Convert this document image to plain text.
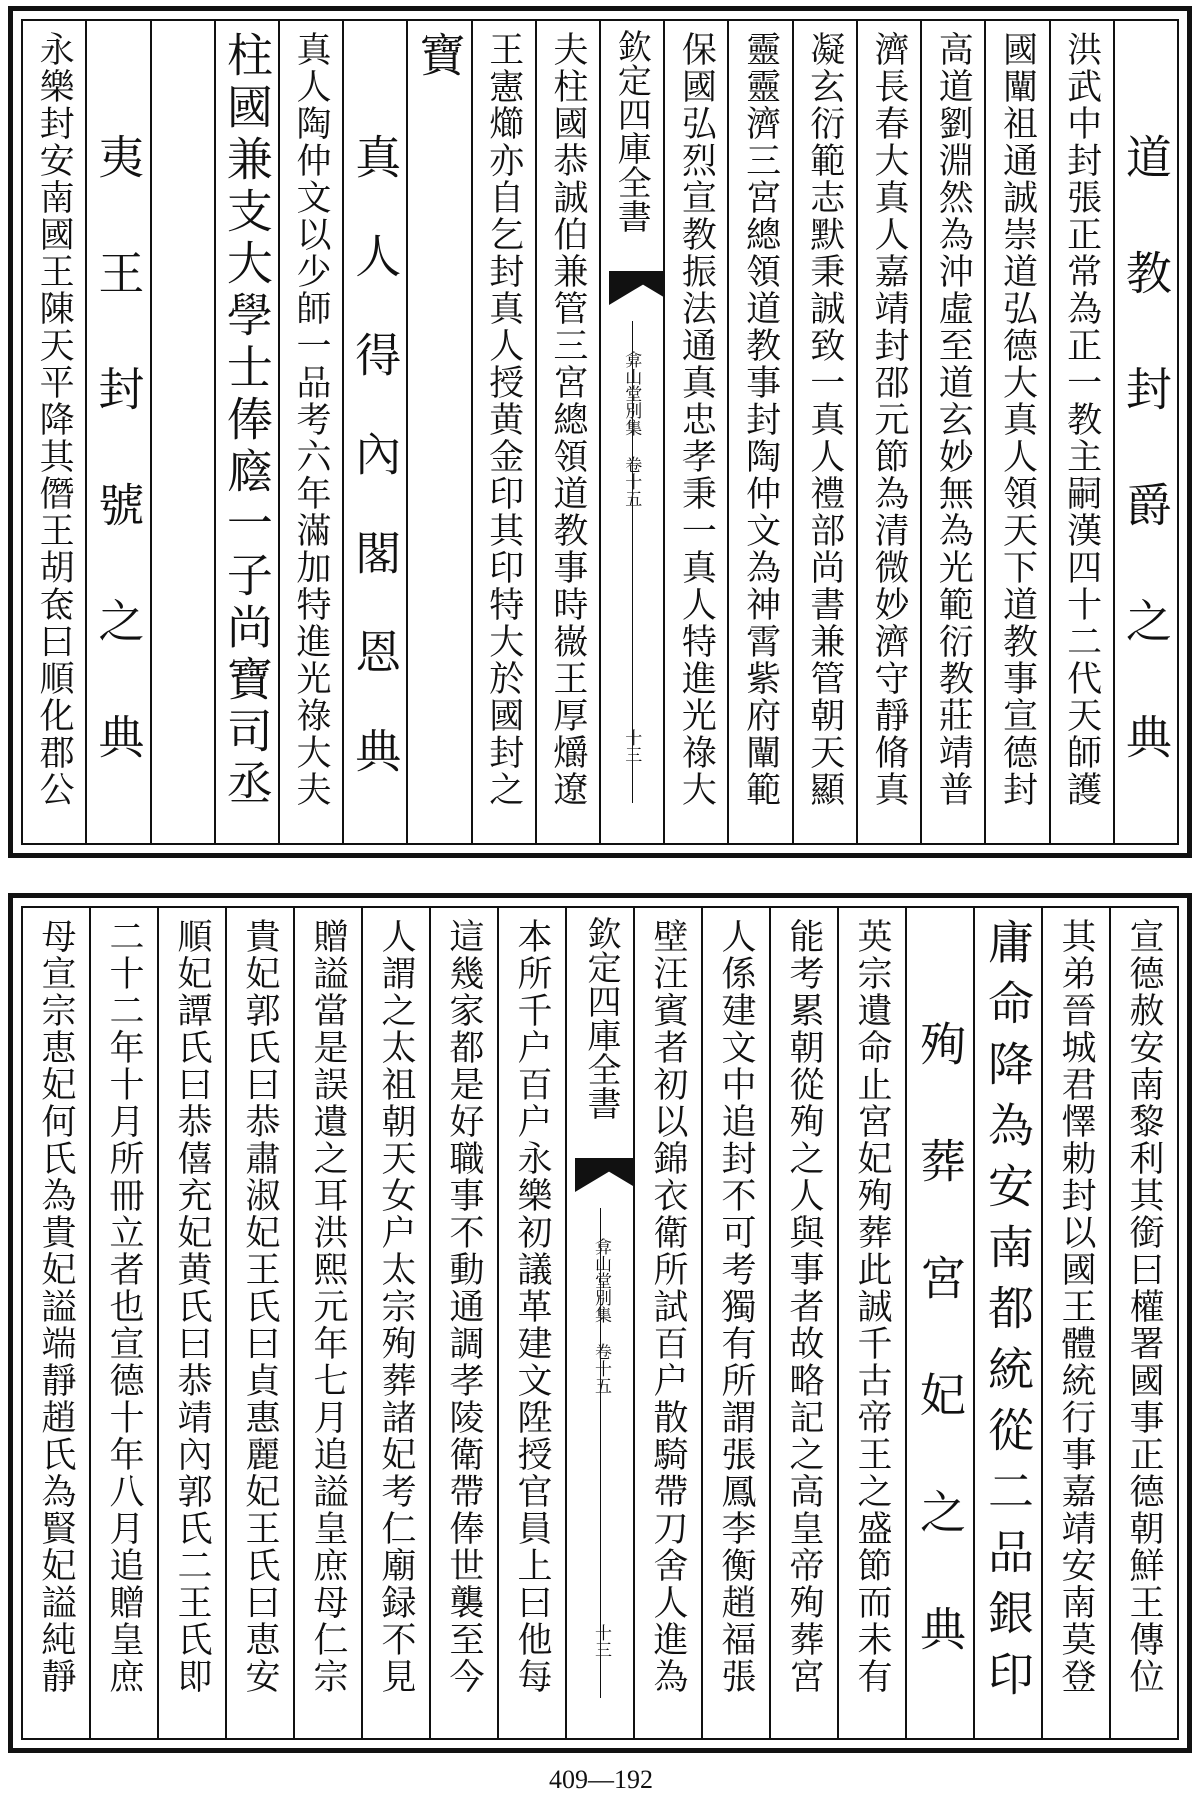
道教封爵之典
洪武中封張正常為正一教主嗣漢四十二代天師護
國闡祖通誠崇道弘德大真人領天下道教事宣德封
高道劉淵然為沖虛至道玄妙無為光範衍教莊靖普
濟長春大真人嘉靖封邵元節為清微妙濟守靜脩真
凝玄衍範志默秉誠致一真人禮部尚書兼管朝天顯
靈靈濟三宮總領道教事封陶仲文為神霄紫府闡範
保國弘烈宣教振法通真忠孝秉一真人特進光祿大
欽定四庫全書
弇山堂別集 卷十五
十三
夫柱國恭誠伯兼管三宮總領道教事時嶶王厚爝遼
王憲㸅亦自乞封真人授黄金印其印特大於國封之
寶
真人得內閣恩典
真人陶仲文以少師一品考六年滿加特進光祿大夫
柱國兼支大學士俸廕一子尚寶司丞
夷王封號之典
永樂封安南國王陳天平降其僭王胡奃曰順化郡公
宣德赦安南黎利其銜曰權署國事正德朝鮮王傳位
其弟晉城君懌勅封以國王體統行事嘉靖安南莫登
庸命降為安南都統從二品銀印
殉葬宮妃之典
英宗遺命止宮妃殉葬此誠千古帝王之盛節而未有
能考累朝從殉之人與事者故略記之高皇帝殉葬宮
人係建文中追封不可考獨有所謂張鳳李衡趙福張
壁汪賓者初以錦衣衛所試百户散騎帶刀舍人進為
欽定四庫全書
弇山堂別集 卷十五
十三
本所千户百户永樂初議革建文陞授官員上曰他每
這幾家都是好職事不動通調孝陵衛帶俸世襲至今
人謂之太祖朝天女户太宗殉葬諸妃考仁廟録不見
贈謚當是誤遺之耳洪熙元年七月追謚皇庶母仁宗
貴妃郭氏曰恭肅淑妃王氏曰貞惠麗妃王氏曰恵安
順妃譚氏曰恭僖充妃黄氏曰恭靖內郭氏二王氏即
二十二年十月所冊立者也宣德十年八月追贈皇庶
母宣宗恵妃何氏為貴妃謚端靜趙氏為賢妃謚純靜
409—192
